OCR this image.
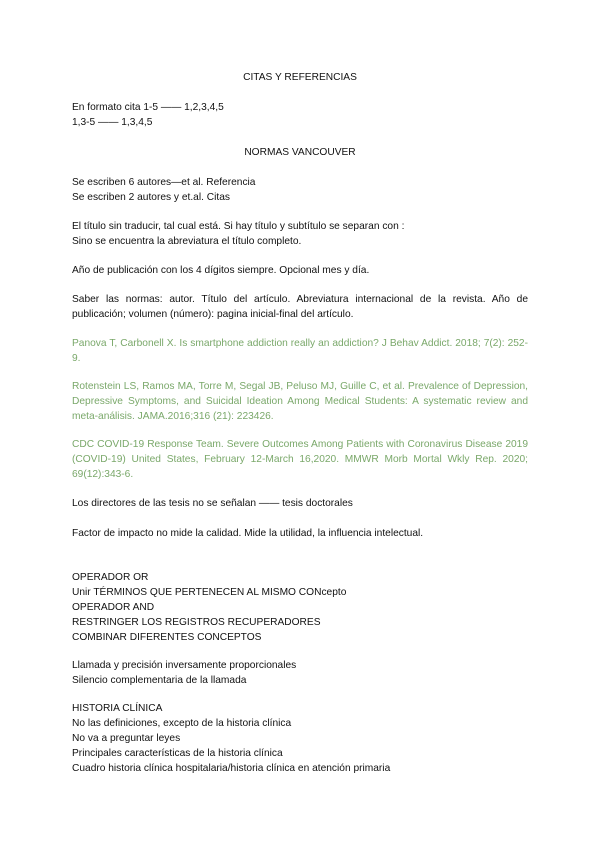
CITAS Y REFERENCIAS
En formato cita 1-5 —— 1,2,3,4,5
1,3-5 —— 1,3,4,5
NORMAS VANCOUVER
Se escriben 6 autores—et al. Referencia
Se escriben 2 autores y et.al. Citas
El título sin traducir, tal cual está. Si hay título y subtítulo se separan con :
Sino se encuentra la abreviatura el título completo.
Año de publicación con los 4 dígitos siempre. Opcional mes y día.
Saber las normas: autor. Título del artículo. Abreviatura internacional de la revista. Año de publicación; volumen (número): pagina inicial-final del artículo.
Panova T, Carbonell X. Is smartphone addiction really an addiction? J Behav Addict. 2018; 7(2): 252-9.
Rotenstein LS, Ramos MA, Torre M, Segal JB, Peluso MJ, Guille C, et al. Prevalence of Depression, Depressive Symptoms, and Suicidal Ideation Among Medical Students: A systematic review and meta-análisis. JAMA.2016;316 (21): 223426.
CDC COVID-19 Response Team. Severe Outcomes Among Patients with Coronavirus Disease 2019 (COVID-19) United States, February 12-March 16,2020. MMWR Morb Mortal Wkly Rep. 2020; 69(12):343-6.
Los directores de las tesis no se señalan —— tesis doctorales
Factor de impacto no mide la calidad. Mide la utilidad, la influencia intelectual.
OPERADOR OR
Unir TÉRMINOS QUE PERTENECEN AL MISMO CONcepto
OPERADOR AND
RESTRINGER LOS REGISTROS RECUPERADORES
COMBINAR DIFERENTES CONCEPTOS
Llamada y precisión inversamente proporcionales
Silencio complementaria de la llamada
HISTORIA CLÍNICA
No las definiciones, excepto de la historia clínica
No va a preguntar leyes
Principales características de la historia clínica
Cuadro historia clínica hospitalaria/historia clínica en atención primaria
